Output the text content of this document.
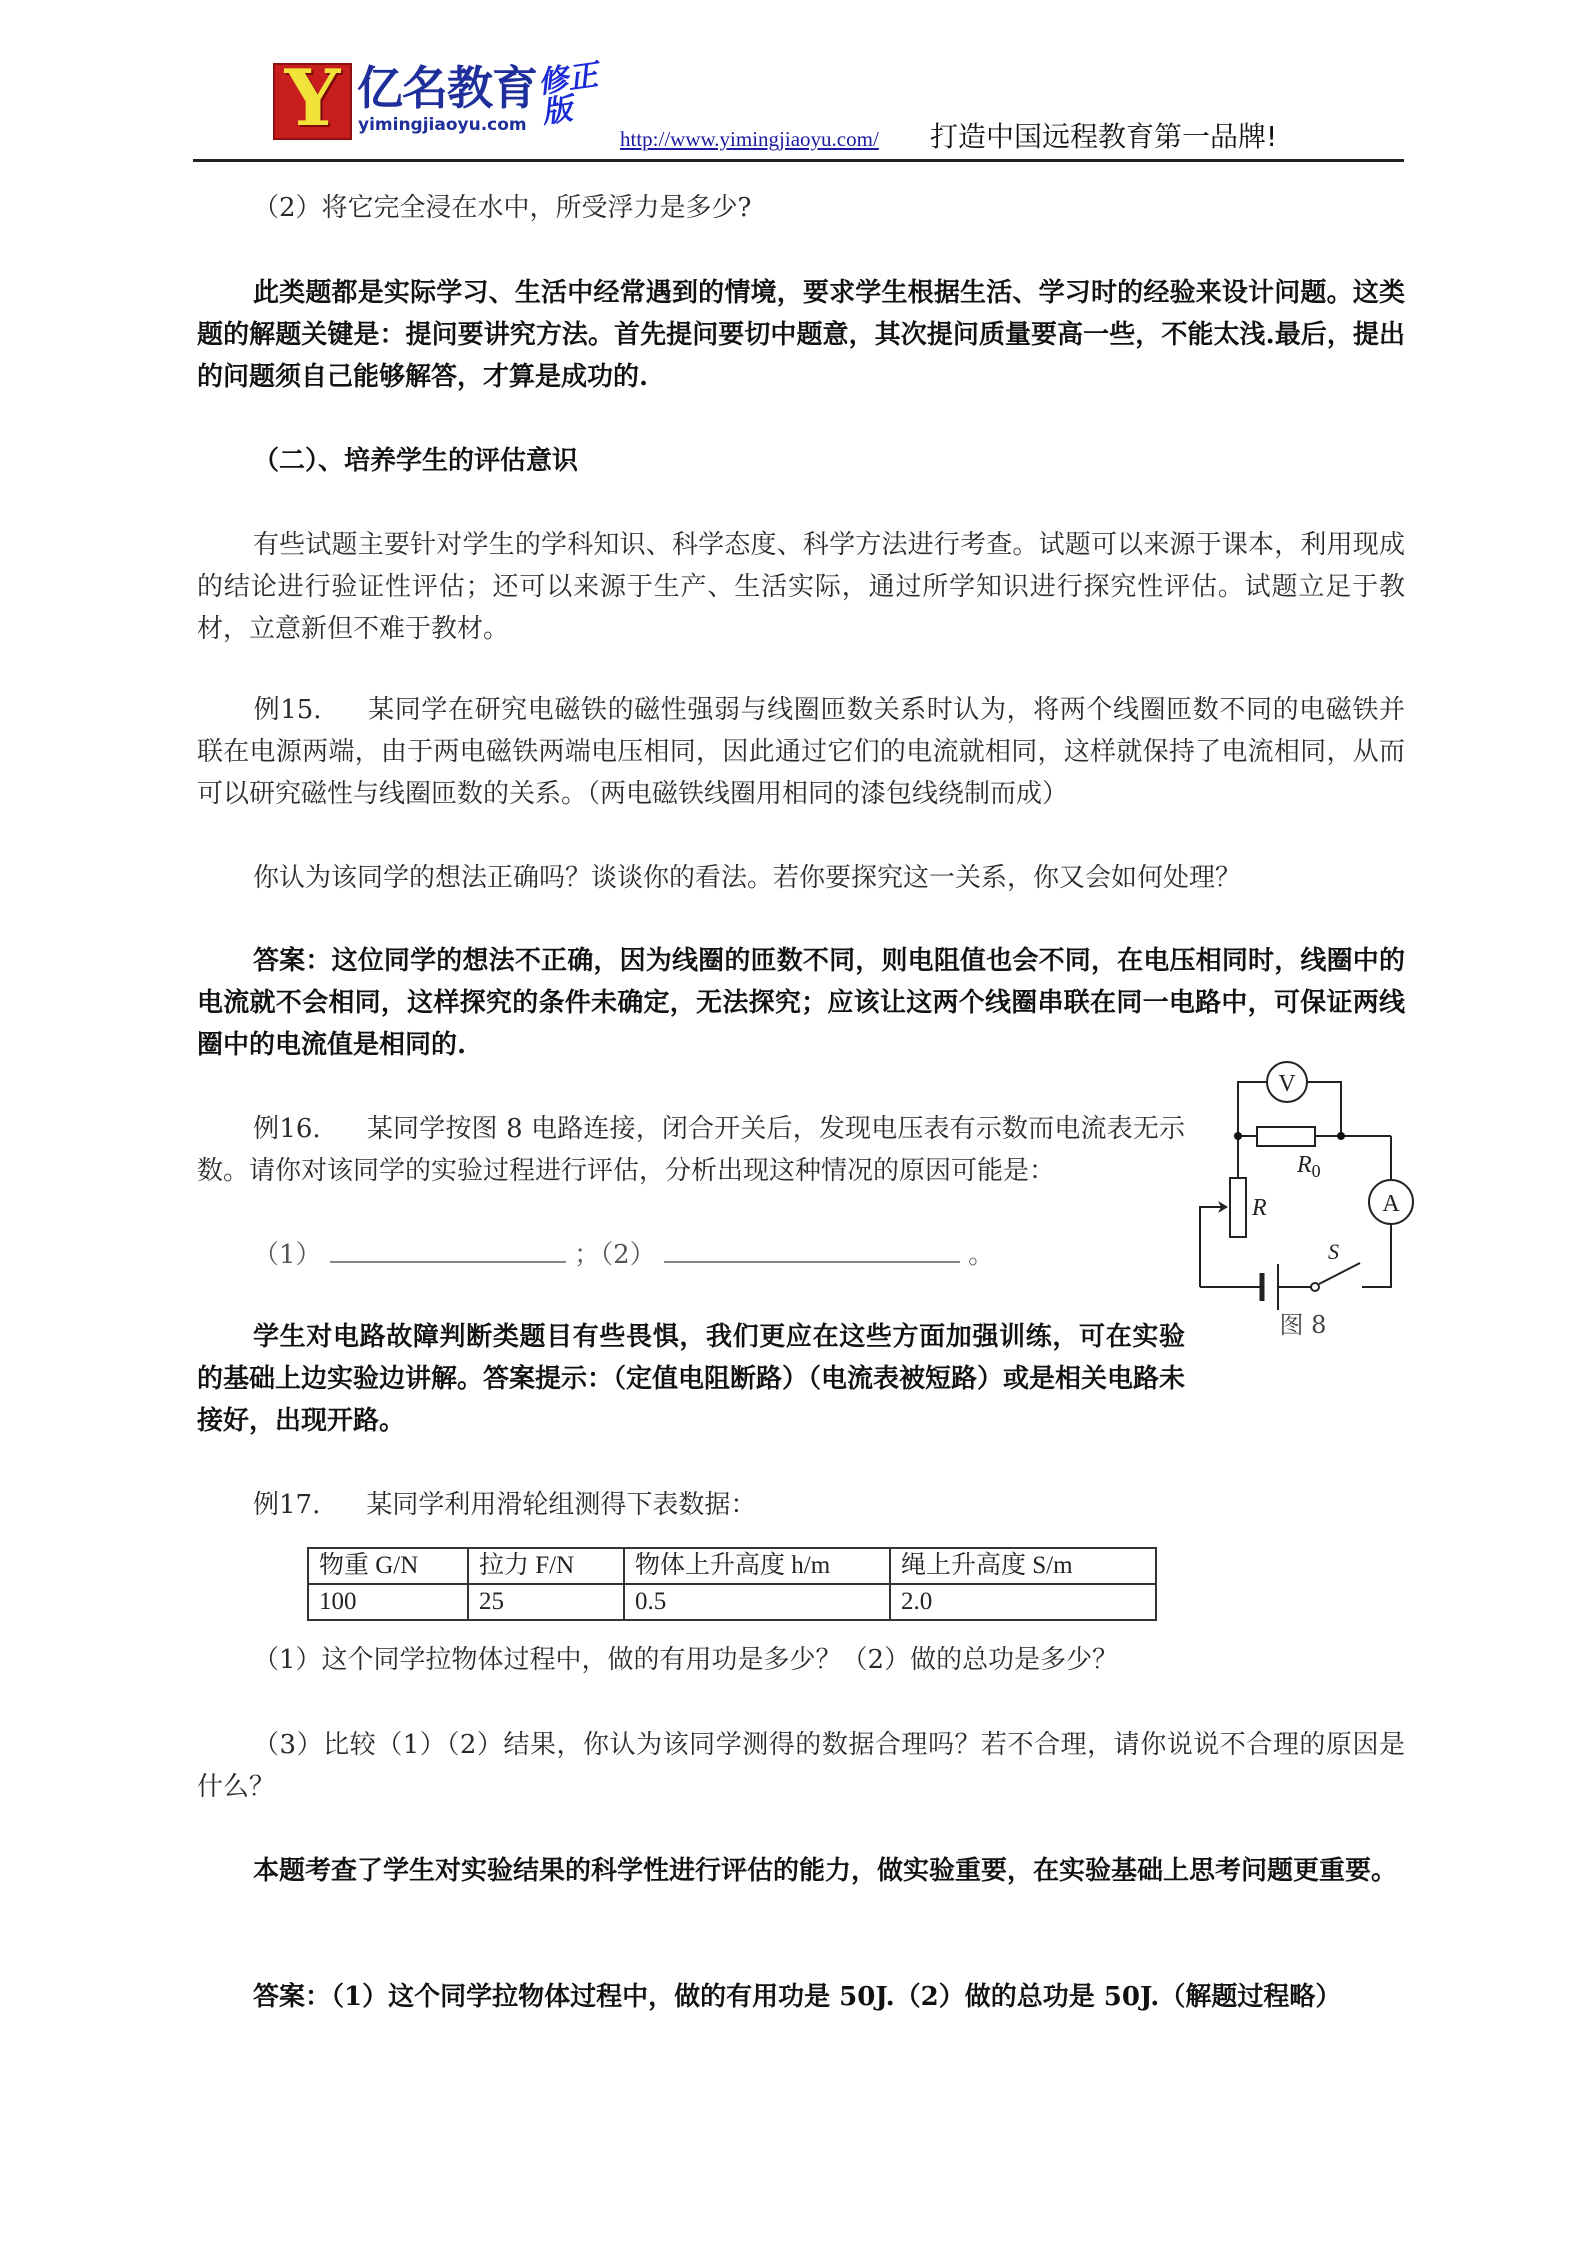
Y 亿名教育
yimingjiaoyu.com
修正版
http://www.yimingjiaoyu.com/ 打造中国远程教育第一品牌!
（2）将它完全浸在水中，所受浮力是多少?
此类题都是实际学习、生活中经常遇到的情境，要求学生根据生活、学习时的经验来设计问题。这类题的解题关键是：提问要讲究方法。首先提问要切中题意，其次提问质量要高一些，不能太浅.最后，提出的问题须自己能够解答，才算是成功的.
（二）、培养学生的评估意识
有些试题主要针对学生的学科知识、科学态度、科学方法进行考查。试题可以来源于课本，利用现成的结论进行验证性评估；还可以来源于生产、生活实际，通过所学知识进行探究性评估。试题立足于教材，立意新但不难于教材。
例15. 某同学在研究电磁铁的磁性强弱与线圈匝数关系时认为，将两个线圈匝数不同的电磁铁并联在电源两端，由于两电磁铁两端电压相同，因此通过它们的电流就相同，这样就保持了电流相同，从而可以研究磁性与线圈匝数的关系。（两电磁铁线圈用相同的漆包线绕制而成）
你认为该同学的想法正确吗？谈谈你的看法。若你要探究这一关系，你又会如何处理？
答案：这位同学的想法不正确，因为线圈的匝数不同，则电阻值也会不同，在电压相同时，线圈中的电流就不会相同，这样探究的条件未确定，无法探究；应该让这两个线圈串联在同一电路中，可保证两线圈中的电流值是相同的.
例16. 某同学按图 8 电路连接，闭合开关后，发现电压表有示数而电流表无示数。请你对该同学的实验过程进行评估，分析出现这种情况的原因可能是：
（1）	；（2）	。
学生对电路故障判断类题目有些畏惧，我们更应在这些方面加强训练，可在实验的基础上边实验边讲解。答案提示：（定值电阻断路）（电流表被短路）或是相关电路未接好，出现开路。
V
A
$R_0$
R
S
图 8
例17. 某同学利用滑轮组测得下表数据：
物重 G/N	拉力 F/N	物体上升高度 h/m	绳上升高度 S/m
100	25	0.5	2.0
（1）这个同学拉物体过程中，做的有用功是多少？（2）做的总功是多少？
（3）比较（1）（2）结果，你认为该同学测得的数据合理吗？若不合理，请你说说不合理的原因是什么？
本题考查了学生对实验结果的科学性进行评估的能力，做实验重要，在实验基础上思考问题更重要。
答案：（1）这个同学拉物体过程中，做的有用功是 50J.（2）做的总功是 50J.（解题过程略）
